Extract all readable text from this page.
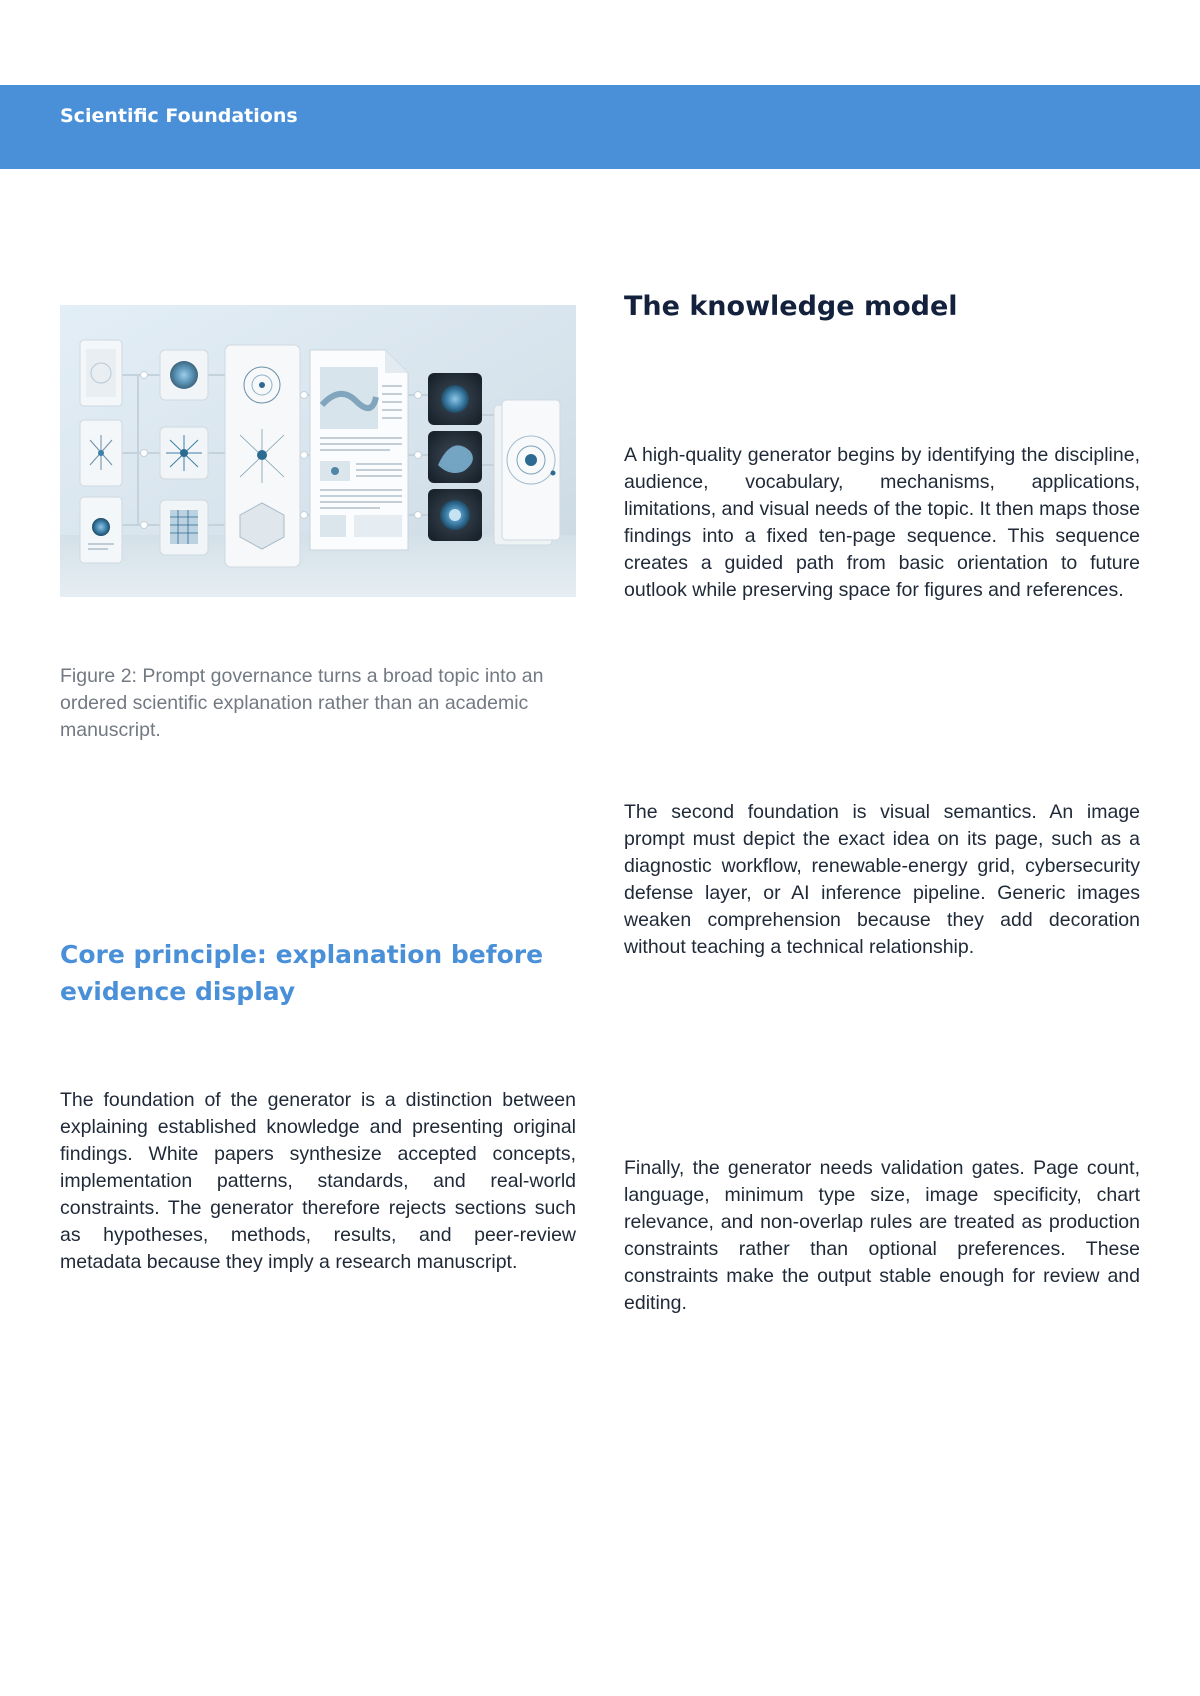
Scientific Foundations
Figure 2: Prompt governance turns a broad topic into an ordered scientific explanation rather than an academic manuscript.
The knowledge model
A high-quality generator begins by identifying the discipline, audience, vocabulary, mechanisms, applications, limitations, and visual needs of the topic. It then maps those findings into a fixed ten-page sequence. This sequence creates a guided path from basic orientation to future outlook while preserving space for figures and references.
The second foundation is visual semantics. An image prompt must depict the exact idea on its page, such as a diagnostic workflow, renewable-energy grid, cybersecurity defense layer, or AI inference pipeline. Generic images weaken comprehension because they add decoration without teaching a technical relationship.
Finally, the generator needs validation gates. Page count, language, minimum type size, image specificity, chart relevance, and non-overlap rules are treated as production constraints rather than optional preferences. These constraints make the output stable enough for review and editing.
Core principle: explanation before evidence display
The foundation of the generator is a distinction between explaining established knowledge and presenting original findings. White papers synthesize accepted concepts, implementation patterns, standards, and real-world constraints. The generator therefore rejects sections such as hypotheses, methods, results, and peer-review metadata because they imply a research manuscript.
